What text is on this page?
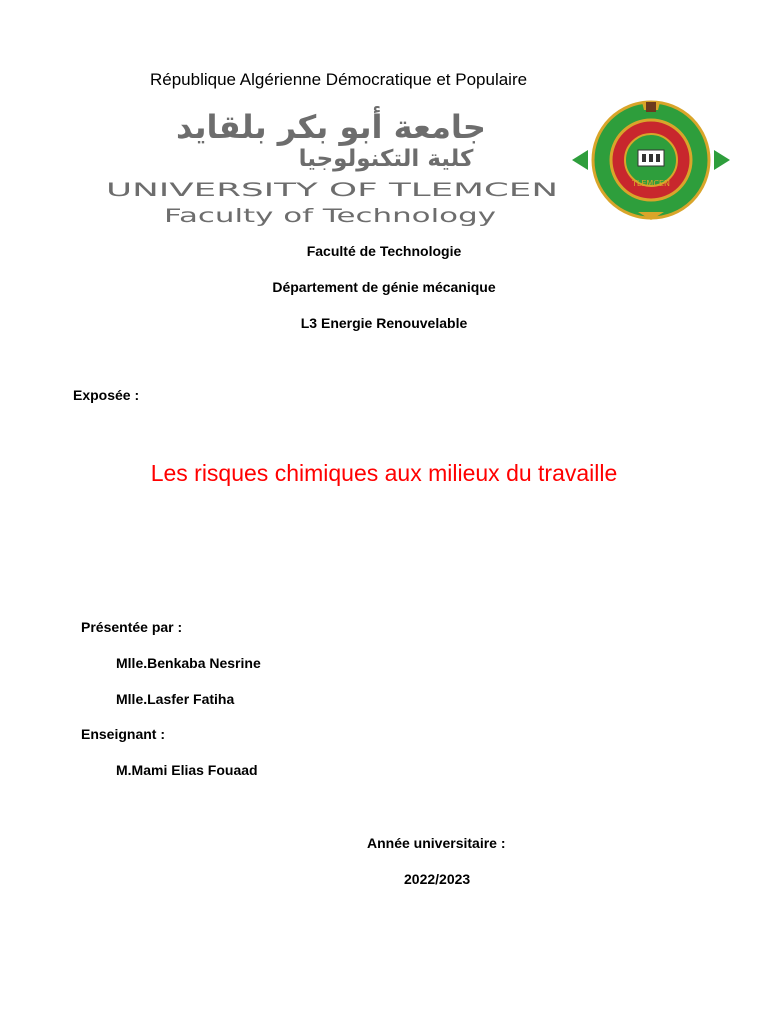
République Algérienne Démocratique et Populaire
جامعة أبو بكر بلقايد
كلية التكنولوجيا
UNIVERSITY OF TLEMCEN
Faculty of Technology
TLEMCEN
Faculté de Technologie
Département de génie mécanique
L3 Energie Renouvelable
Exposée :
Les risques chimiques aux milieux du travaille
Présentée par :
Mlle.Benkaba Nesrine
Mlle.Lasfer Fatiha
Enseignant :
M.Mami Elias Fouaad
Année universitaire :
2022/2023
